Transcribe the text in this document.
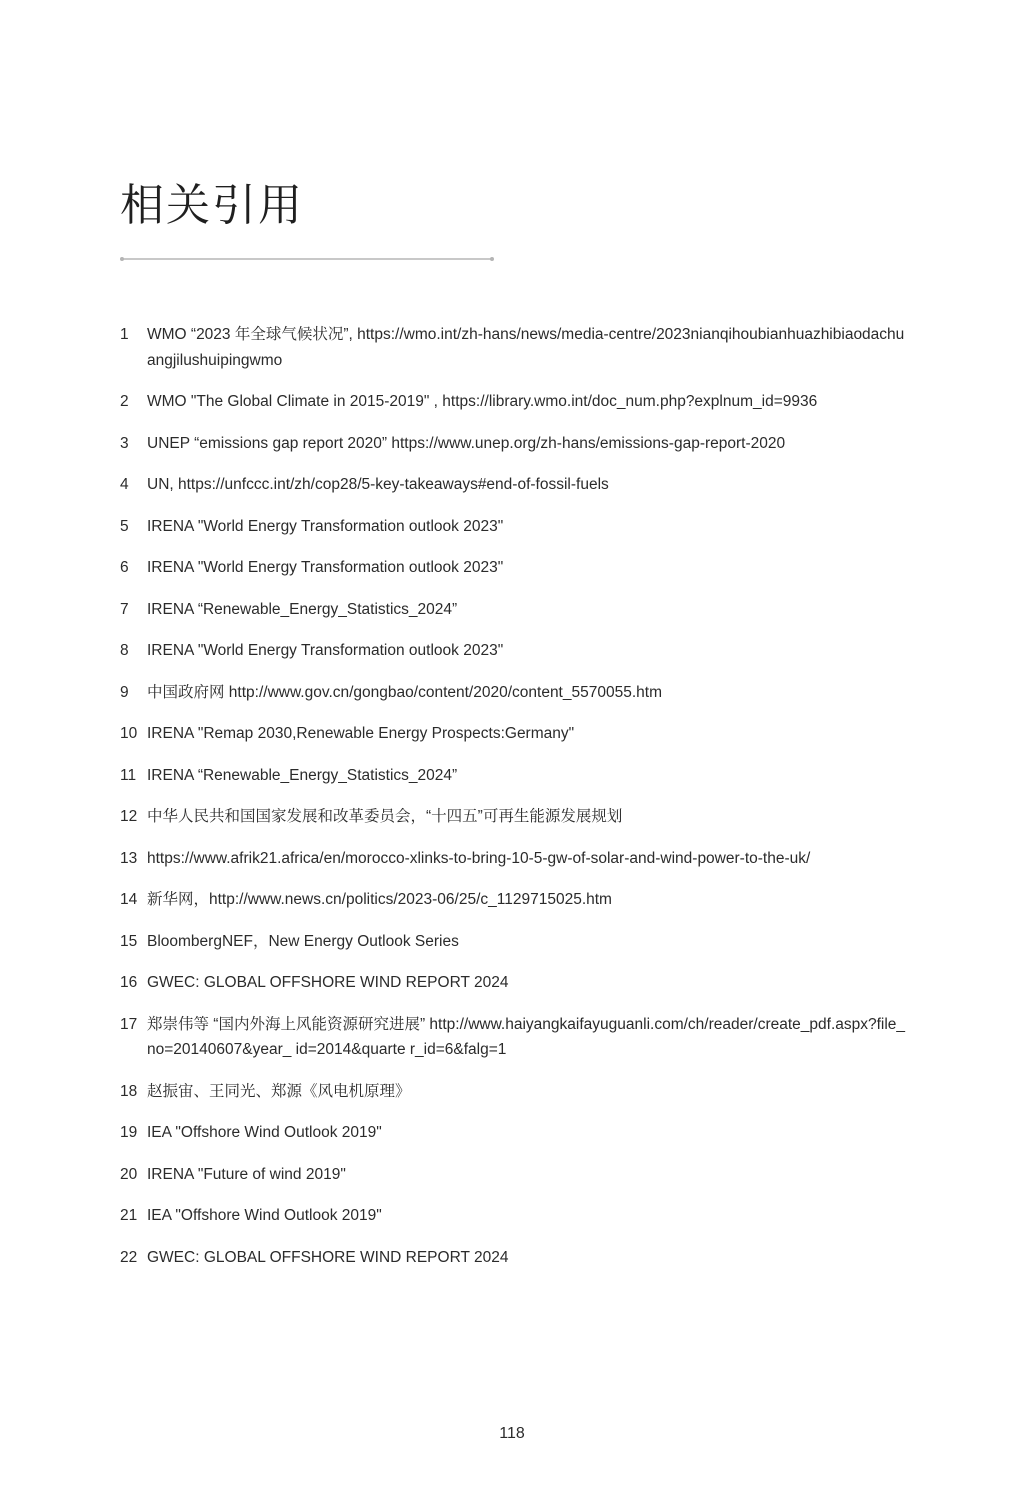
相关引用
1	WMO “2023 年全球气候状况”, https://wmo.int/zh-hans/news/media-centre/2023nianqihoubianhuazhibiaodachuangjilushuipingwmo
2	WMO "The Global Climate in 2015-2019" , https://library.wmo.int/doc_num.php?explnum_id=9936
3	UNEP “emissions gap report 2020” https://www.unep.org/zh-hans/emissions-gap-report-2020
4	UN, https://unfccc.int/zh/cop28/5-key-takeaways#end-of-fossil-fuels
5	IRENA "World Energy Transformation outlook 2023"
6	IRENA "World Energy Transformation outlook 2023"
7	IRENA “Renewable_Energy_Statistics_2024”
8	IRENA "World Energy Transformation outlook 2023"
9	中国政府网 http://www.gov.cn/gongbao/content/2020/content_5570055.htm
10 IRENA "Remap 2030,Renewable Energy Prospects:Germany"
11 IRENA “Renewable_Energy_Statistics_2024”
12 中华人民共和国国家发展和改革委员会，“十四五”可再生能源发展规划
13 https://www.afrik21.africa/en/morocco-xlinks-to-bring-10-5-gw-of-solar-and-wind-power-to-the-uk/
14 新华网，http://www.news.cn/politics/2023-06/25/c_1129715025.htm
15 BloombergNEF，New Energy Outlook Series
16 GWEC: GLOBAL OFFSHORE WIND REPORT 2024
17 郑崇伟等 “国内外海上风能资源研究进展” http://www.haiyangkaifayuguanli.com/ch/reader/create_pdf.aspx?file_no=20140607&year_ id=2014&quarte r_id=6&falg=1
18 赵振宙、王同光、郑源《风电机原理》
19 IEA "Offshore Wind Outlook 2019"
20 IRENA "Future of wind 2019"
21 IEA "Offshore Wind Outlook 2019"
22 GWEC: GLOBAL OFFSHORE WIND REPORT 2024
118
